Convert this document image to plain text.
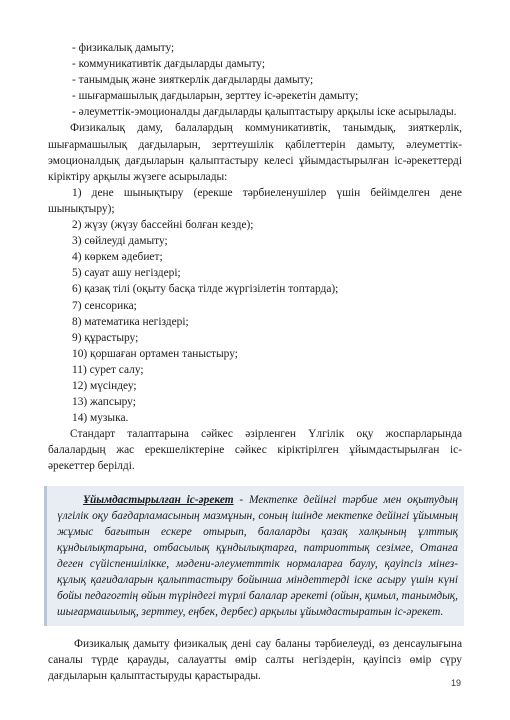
- физикалық дамыту;

- коммуникативтік дағдыларды дамыту;

- танымдық және зияткерлік дағдыларды дамыту;

- шығармашылық дағдыларын, зерттеу іс-әрекетін дамыту;

- әлеуметтік-эмоционалды дағдыларды қалыптастыру арқылы іске асырылады.

Физикалық даму, балалардың коммуникативтік, танымдық, зияткерлік, шығармашылық дағдыларын, зерттеушілік қабілеттерін дамыту, әлеуметтік-эмоционалдық дағдыларын қалыптастыру келесі ұйымдастырылған іс-әрекеттерді кіріктіру арқылы жүзеге асырылады:

1) дене шынықтыру (ерекше тәрбиеленушілер үшін бейімделген дене шынықтыру);

2) жүзу (жүзу бассейні болған кезде);

3) сөйлеуді дамыту;

4) көркем әдебиет;

5) сауат ашу негіздері;

6) қазақ тілі (оқыту басқа тілде жүргізілетін топтарда);

7) сенсорика;

8) математика негіздері;

9) құрастыру;

10) қоршаған ортамен таныстыру;

11) сурет салу;

12) мүсіндеу;

13) жапсыру;

14) музыка.

Стандарт талаптарына сәйкес әзірленген Үлгілік оқу жоспарларында балалардың жас ерекшеліктеріне сәйкес кіріктірілген ұйымдастырылған іс-әрекеттер берілді.

Ұйымдастырылған іс-әрекет - Мектепке дейінгі тәрбие мен оқытудың үлгілік оқу бағдарламасының мазмұнын, соның ішінде мектепке дейінгі ұйымның жұмыс бағытын ескере отырып, балаларды қазақ халқының ұлттық құндылықтарына, отбасылық құндылықтарға, патриоттық сезімге, Отанға деген сүйіспеншілікке, мәдени-әлеуметттік нормаларға баулу, қауіпсіз мінез-құлық қағидаларын қалыптастыру бойынша міндеттерді іске асыру үшін күні бойы педагогтің өйын түріндегі түрлі балалар әрекеті (ойын, қимыл, танымдық, шығармашылық, зерттеу, еңбек, дербес) арқылы ұйымдастыратын іс-әрекет.

Физикалық дамыту физикалық дені сау баланы тәрбиелеуді, өз денсаулығына саналы түрде қарауды, салауатты өмір салты негіздерін, қауіпсіз өмір сүру дағдыларын қалыптастыруды қарастырады.

19
